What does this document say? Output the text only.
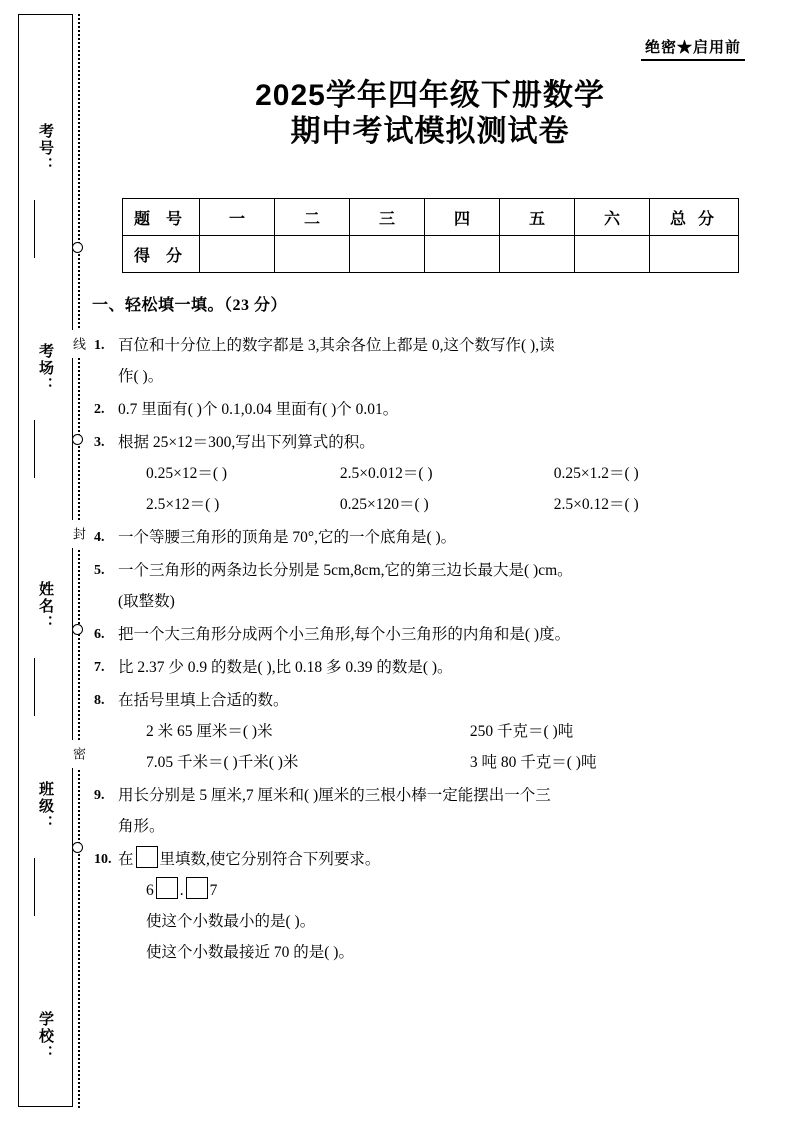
考号：
考场：
姓名：
班级：
学校：
线
封
密
绝密★启用前
2025学年四年级下册数学
期中考试模拟测试卷
题 号	一	二	三	四	五	六	总 分
得 分							
一、轻松填一填。（23 分）
1. 百位和十分位上的数字都是 3,其余各位上都是 0,这个数写作( ),读
作( )。
2. 0.7 里面有( )个 0.1,0.04 里面有( )个 0.01。
3. 根据 25×12＝300,写出下列算式的积。
0.25×12＝( )	2.5×0.012＝( )	0.25×1.2＝( )
2.5×12＝( )	0.25×120＝( )	2.5×0.12＝( )
4. 一个等腰三角形的顶角是 70°,它的一个底角是( )。
5. 一个三角形的两条边长分别是 5cm,8cm,它的第三边长最大是( )cm。
(取整数)
6. 把一个大三角形分成两个小三角形,每个小三角形的内角和是( )度。
7. 比 2.37 少 0.9 的数是( ),比 0.18 多 0.39 的数是( )。
8. 在括号里填上合适的数。
2 米 65 厘米＝( )米	250 千克＝( )吨
7.05 千米＝( )千米( )米	3 吨 80 千克＝( )吨
9. 用长分别是 5 厘米,7 厘米和( )厘米的三根小棒一定能摆出一个三
角形。
10. 在 里填数,使它分别符合下列要求。
6 . 7
使这个小数最小的是( )。
使这个小数最接近 70 的是( )。
